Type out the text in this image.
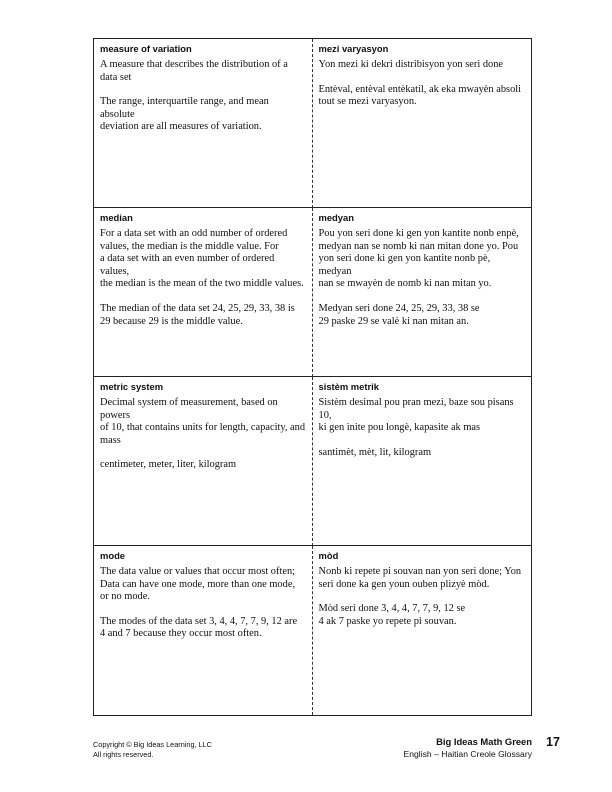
measure of variation

A measure that describes the distribution of a

data set

The range, interquartile range, and mean absolute

deviation are all measures of variation.

mezi varyasyon

Yon mezi ki dekri distribisyon yon seri done

Entèval, entèval entèkatil, ak eka mwayèn absoli

tout se mezi varyasyon.

median

For a data set with an odd number of ordered

values, the median is the middle value. For

a data set with an even number of ordered values,

the median is the mean of the two middle values.

The median of the data set 24, 25, 29, 33, 38 is

29 because 29 is the middle value.

medyan

Pou yon seri done ki gen yon kantite nonb enpè,

medyan nan se nomb ki nan mitan done yo. Pou

yon seri done ki gen yon kantite nonb pè, medyan

nan se mwayèn de nomb ki nan mitan yo.

Medyan seri done 24, 25, 29, 33, 38 se

29 paske 29 se valè ki nan mitan an.

metric system

Decimal system of measurement, based on powers

of 10, that contains units for length, capacity, and

mass

centimeter, meter, liter, kilogram

sistèm metrik

Sistèm desimal pou pran mezi, baze sou pisans 10,

ki gen inite pou longè, kapasite ak mas

santimèt, mèt, lit, kilogram

mode

The data value or values that occur most often;

Data can have one mode, more than one mode,

or no mode.

The modes of the data set 3, 4, 4, 7, 7, 9, 12 are

4 and 7 because they occur most often.

mòd

Nonb ki repete pi souvan nan yon seri done; Yon

seri done ka gen youn ouben plizyè mòd.

Mòd seri done 3, 4, 4, 7, 7, 9, 12 se

4 ak 7 paske yo repete pi souvan.

Copyright © Big Ideas Learning, LLC
All rights reserved.
Big Ideas Math Green
English – Haitian Creole Glossary
17
